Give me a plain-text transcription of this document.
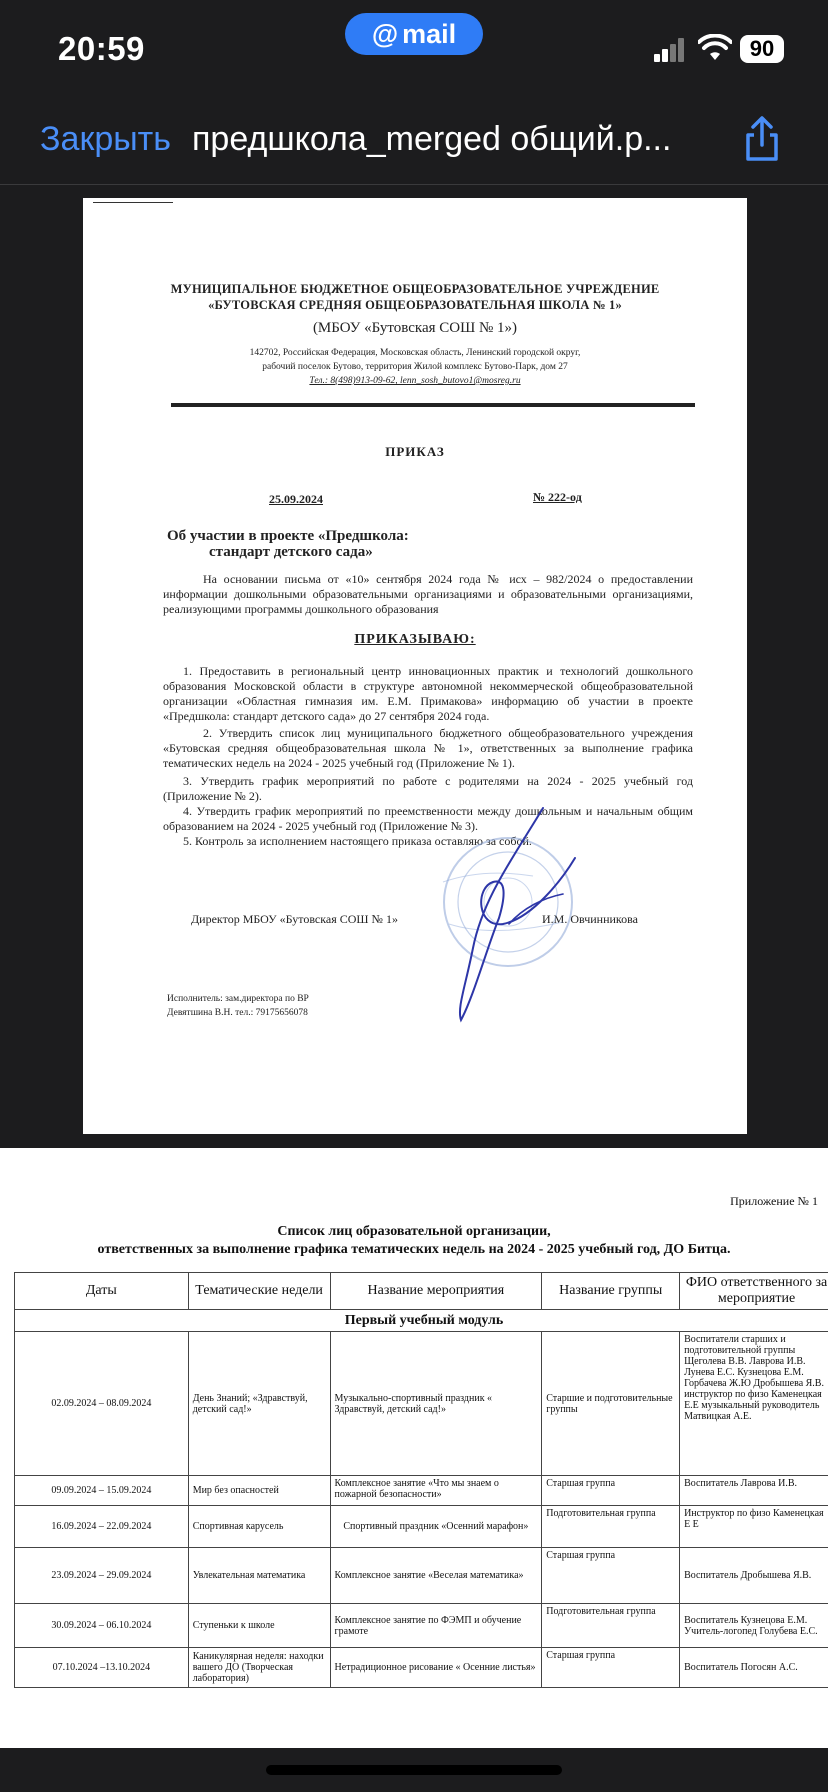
20:59	@ mail	90
Закрыть предшкола_merged общий.р...
МУНИЦИПАЛЬНОЕ БЮДЖЕТНОЕ ОБЩЕОБРАЗОВАТЕЛЬНОЕ УЧРЕЖДЕНИЕ
«БУТОВСКАЯ СРЕДНЯЯ ОБЩЕОБРАЗОВАТЕЛЬНАЯ ШКОЛА № 1»
(МБОУ «Бутовская СОШ № 1»)
142702, Российская Федерация, Московская область, Ленинский городской округ,
рабочий поселок Бутово, территория Жилой комплекс Бутово-Парк, дом 27
Тел.: 8(498)913-09-62, lenn_sosh_butovo1@mosreg.ru
ПРИКАЗ
25.09.2024	№ 222-од
Об участии в проекте «Предшкола:
стандарт детского сада»
На основании письма от «10» сентября 2024 года № исх – 982/2024 о предоставлении информации дошкольными образовательными организациями и образовательными организациями, реализующими программы дошкольного образования
ПРИКАЗЫВАЮ:
1. Предоставить в региональный центр инновационных практик и технологий дошкольного образования Московской области в структуре автономной некоммерческой общеобразовательной организации «Областная гимназия им. Е.М. Примакова» информацию об участии в проекте «Предшкола: стандарт детского сада» до 27 сентября 2024 года.
2. Утвердить список лиц муниципального бюджетного общеобразовательного учреждения «Бутовская средняя общеобразовательная школа № 1», ответственных за выполнение графика тематических недель на 2024 - 2025 учебный год (Приложение № 1).
3. Утвердить график мероприятий по работе с родителями на 2024 - 2025 учебный год (Приложение № 2).
4. Утвердить график мероприятий по преемственности между дошкольным и начальным общим образованием на 2024 - 2025 учебный год (Приложение № 3).
5. Контроль за исполнением настоящего приказа оставляю за собой.
Директор МБОУ «Бутовская СОШ № 1»	И.М. Овчинникова
Исполнитель: зам.директора по ВР
Девятшина В.Н. тел.: 79175656078
Приложение № 1
Список лиц образовательной организации,
ответственных за выполнение графика тематических недель на 2024 - 2025 учебный год, ДО Битца.
Даты	Тематические недели	Название мероприятия	Название группы	ФИО ответственного за мероприятие
Первый учебный модуль				
02.09.2024 – 08.09.2024	День Знаний; «Здравствуй, детский сад!»	Музыкально-спортивный праздник « Здравствуй, детский сад!»	Старшие и подготовительные группы	Воспитатели старших и подготовительной группы Щеголева В.В. Лаврова И.В. Лунева Е.С. Кузнецова Е.М. Горбачева Ж.Ю Дробышева Я.В. инструктор по физо Каменецкая Е.Е музыкальный руководитель Матвицкая А.Е.
09.09.2024 – 15.09.2024	Мир без опасностей	Комплексное занятие «Что мы знаем о пожарной безопасности»	Старшая группа	Воспитатель Лаврова И.В.
16.09.2024 – 22.09.2024	Спортивная карусель	Спортивный праздник «Осенний марафон»	Подготовительная группа	Инструктор по физо Каменецкая Е Е
23.09.2024 – 29.09.2024	Увлекательная математика	Комплексное занятие «Веселая математика»	Старшая группа	Воспитатель Дробышева Я.В.
30.09.2024 – 06.10.2024	Ступеньки к школе	Комплексное занятие по ФЭМП и обучение грамоте	Подготовительная группа	Воспитатель Кузнецова Е.М. Учитель-логопед Голубева Е.С.
07.10.2024 –13.10.2024	Каникулярная неделя: находки вашего ДО (Творческая лаборатория)	Нетрадиционное рисование « Осенние листья»	Старшая группа	Воспитатель Погосян А.С.
